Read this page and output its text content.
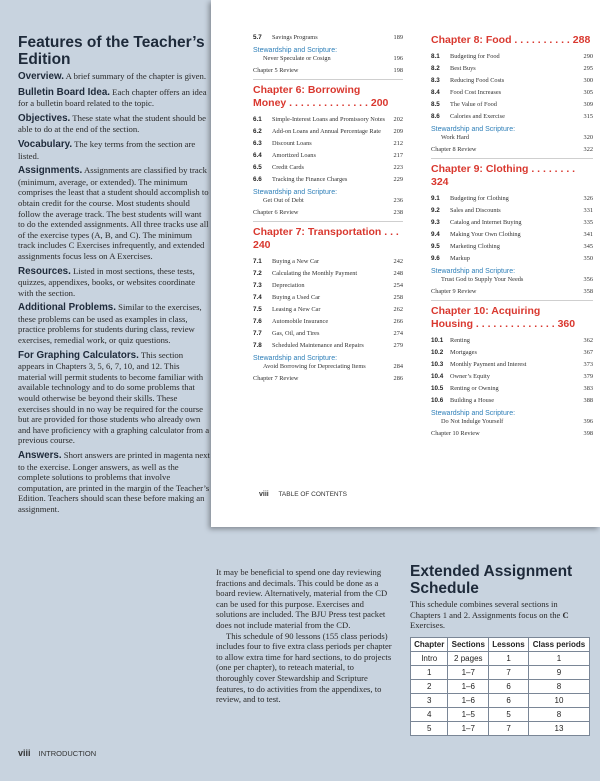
Features of the Teacher’s Edition

Overview. A brief summary of the chapter is given.

Bulletin Board Idea. Each chapter offers an idea for a bulletin board related to the topic.

Objectives. These state what the student should be able to do at the end of the section.

Vocabulary. The key terms from the section are listed.

Assignments. Assignments are classified by track (minimum, average, or extended). The minimum comprises the least that a student should accomplish to obtain credit for the course. Most students should follow the average track. The best students will want to do the extended assignments. All three tracks use all of the exercise types (A, B, and C). The minimum track includes C Exercises infrequently, and extended assignments focus less on A Exercises.

Resources. Listed in most sections, these tests, quizzes, appendixes, books, or websites coordinate with the section.

Additional Problems. Similar to the exercises, these problems can be used as examples in class, practice problems for students during class, review exercises, remedial work, or quiz questions.

For Graphing Calculators. This section appears in Chapters 3, 5, 6, 7, 10, and 12. This material will permit students to become familiar with available technology and to do some problems that would otherwise be beyond their skills. These exercises should in no way be required for the course but are provided for those students who already own and have proficiency with a graphing calculator from a previous course.

Answers. Short answers are printed in magenta next to the exercise. Longer answers, as well as the complete solutions to problems that involve computation, are printed in the margin of the Teacher’s Edition. Teachers should scan these before making an assignment.

5.7	Savings Programs	189
Stewardship and Scripture:
Never Speculate or Cosign	196
Chapter 5 Review	198
Chapter 6: Borrowing
Money . . . . . . . . . . . . . . 200
6.1	Simple-Interest Loans and Promissory Notes	202
6.2	Add-on Loans and Annual Percentage Rate	209
6.3	Discount Loans	212
6.4	Amortized Loans	217
6.5	Credit Cards	223
6.6	Tracking the Finance Charges	229
Stewardship and Scripture:
Get Out of Debt	236
Chapter 6 Review	238
Chapter 7: Transportation . . . 240
7.1	Buying a New Car	242
7.2	Calculating the Monthly Payment	248
7.3	Depreciation	254
7.4	Buying a Used Car	258
7.5	Leasing a New Car	262
7.6	Automobile Insurance	266
7.7	Gas, Oil, and Tires	274
7.8	Scheduled Maintenance and Repairs	279
Stewardship and Scripture:
Avoid Borrowing for Depreciating Items	284
Chapter 7 Review	286
Chapter 8: Food . . . . . . . . . . 288
8.1	Budgeting for Food	290
8.2	Best Buys	295
8.3	Reducing Food Costs	300
8.4	Food Cost Increases	305
8.5	The Value of Food	309
8.6	Calories and Exercise	315
Stewardship and Scripture:
Work Hard	320
Chapter 8 Review	322
Chapter 9: Clothing . . . . . . . . 324
9.1	Budgeting for Clothing	326
9.2	Sales and Discounts	331
9.3	Catalog and Internet Buying	335
9.4	Making Your Own Clothing	341
9.5	Marketing Clothing	345
9.6	Markup	350
Stewardship and Scripture:
Trust God to Supply Your Needs	356
Chapter 9 Review	358
Chapter 10: Acquiring
Housing . . . . . . . . . . . . . . 360
10.1	Renting	362
10.2	Mortgages	367
10.3	Monthly Payment and Interest	373
10.4	Owner’s Equity	379
10.5	Renting or Owning	383
10.6	Building a House	388
Stewardship and Scripture:
Do Not Indulge Yourself	396
Chapter 10 Review	398
viii TABLE OF CONTENTS

It may be beneficial to spend one day reviewing fractions and decimals. This could be done as a board review. Alternatively, material from the CD can be used for this purpose. Exercises and solutions are included. The BJU Press test packet does not include material from the CD.

This schedule of 90 lessons (155 class periods) includes four to five extra class periods per chapter to allow extra time for hard sections, to do projects (one per chapter), to reteach material, to thoroughly cover Stewardship and Scripture features, to do activities from the appendixes, to review, and to test.

Extended Assignment Schedule

This schedule combines several sections in Chapters 1 and 2. Assignments focus on the C Exercises.

Chapter	Sections	Lessons	Class periods
Intro	2 pages	1	1
1	1–7	7	9
2	1–6	6	8
3	1–6	6	10
4	1–5	5	8
5	1–7	7	13
viii INTRODUCTION
